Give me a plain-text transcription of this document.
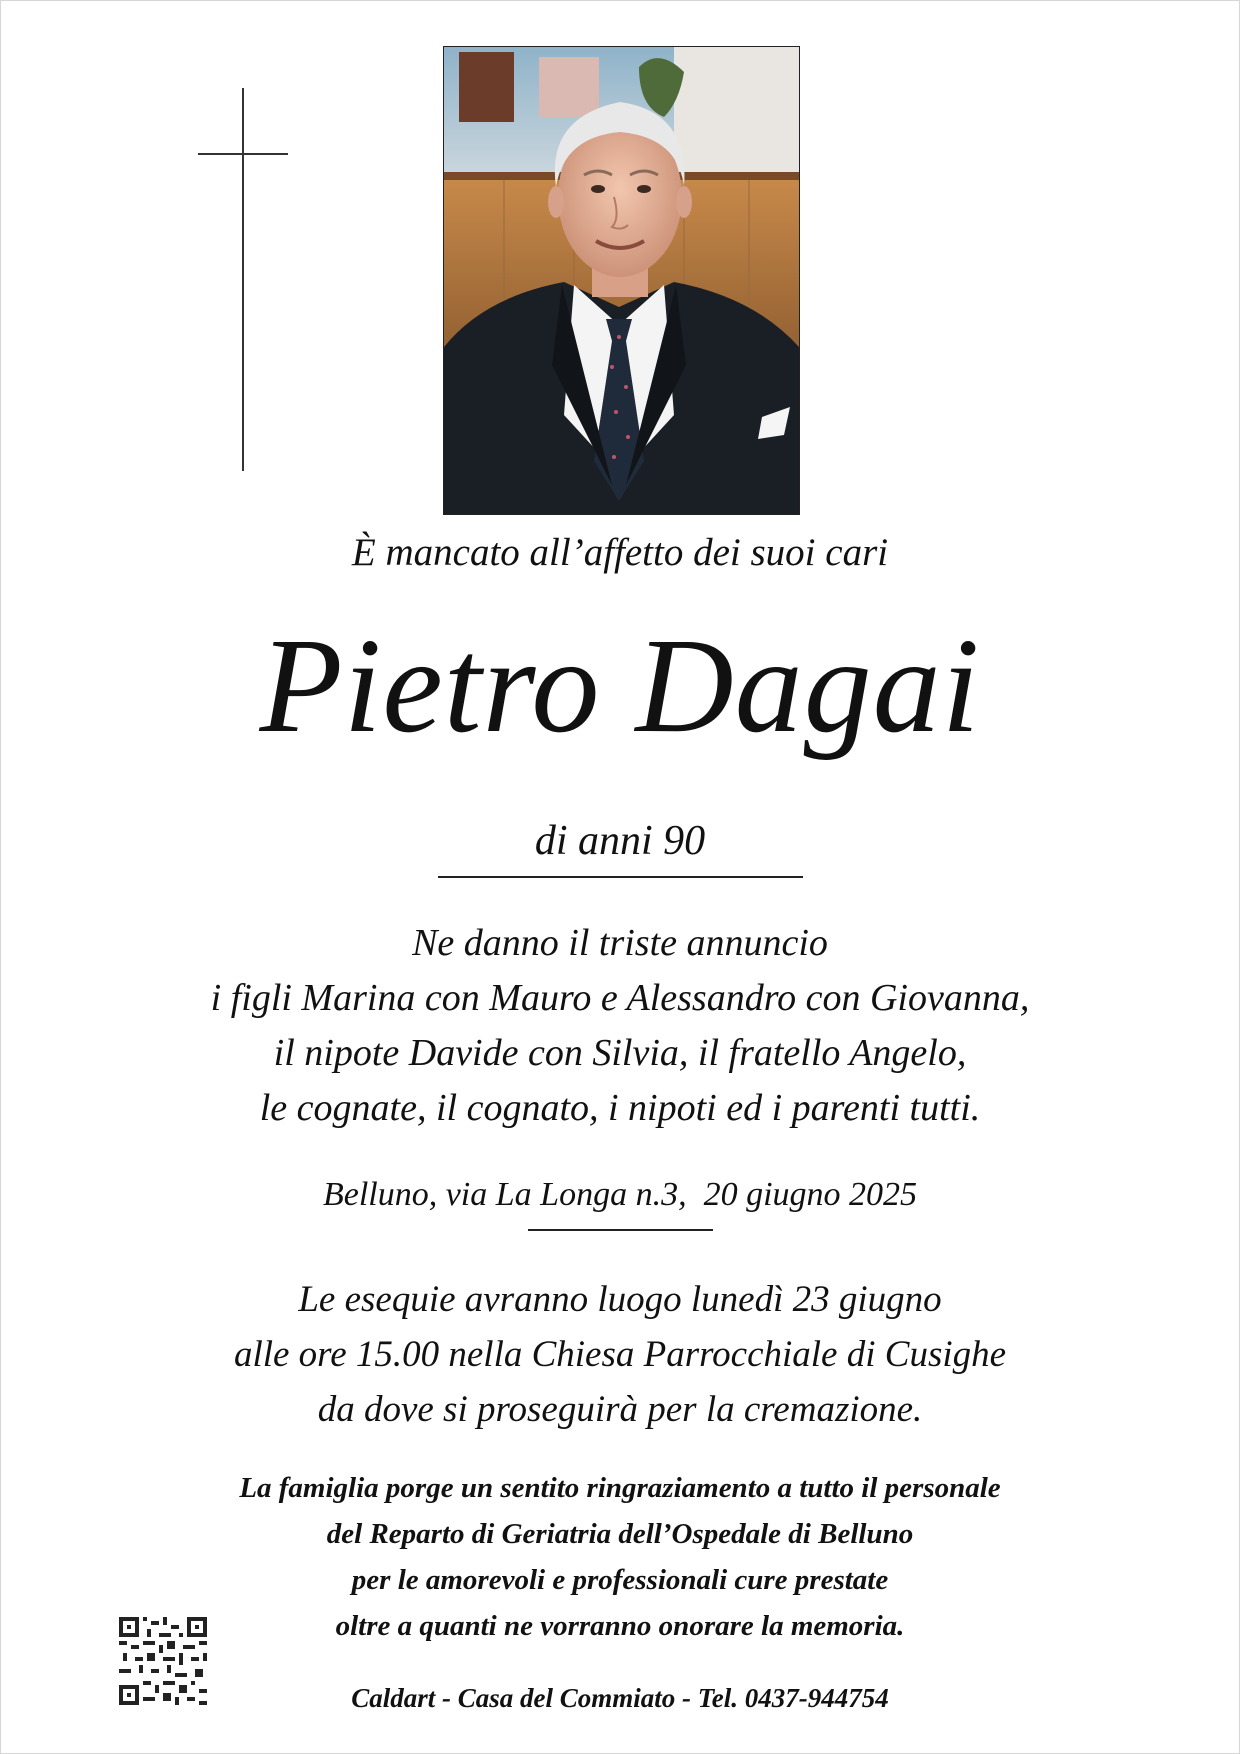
È mancato all’affetto dei suoi cari
Pietro Dagai
di anni 90
Ne danno il triste annuncio
i figli Marina con Mauro e Alessandro con Giovanna,
il nipote Davide con Silvia, il fratello Angelo,
le cognate, il cognato, i nipoti ed i parenti tutti.
Belluno, via La Longa n.3,  20 giugno 2025
Le esequie avranno luogo lunedì 23 giugno
alle ore 15.00 nella Chiesa Parrocchiale di Cusighe
da dove si proseguirà per la cremazione.
La famiglia porge un sentito ringraziamento a tutto il personale
del Reparto di Geriatria dell’Ospedale di Belluno
per le amorevoli e professionali cure prestate
oltre a quanti ne vorranno onorare la memoria.
Caldart - Casa del Commiato - Tel. 0437-944754
